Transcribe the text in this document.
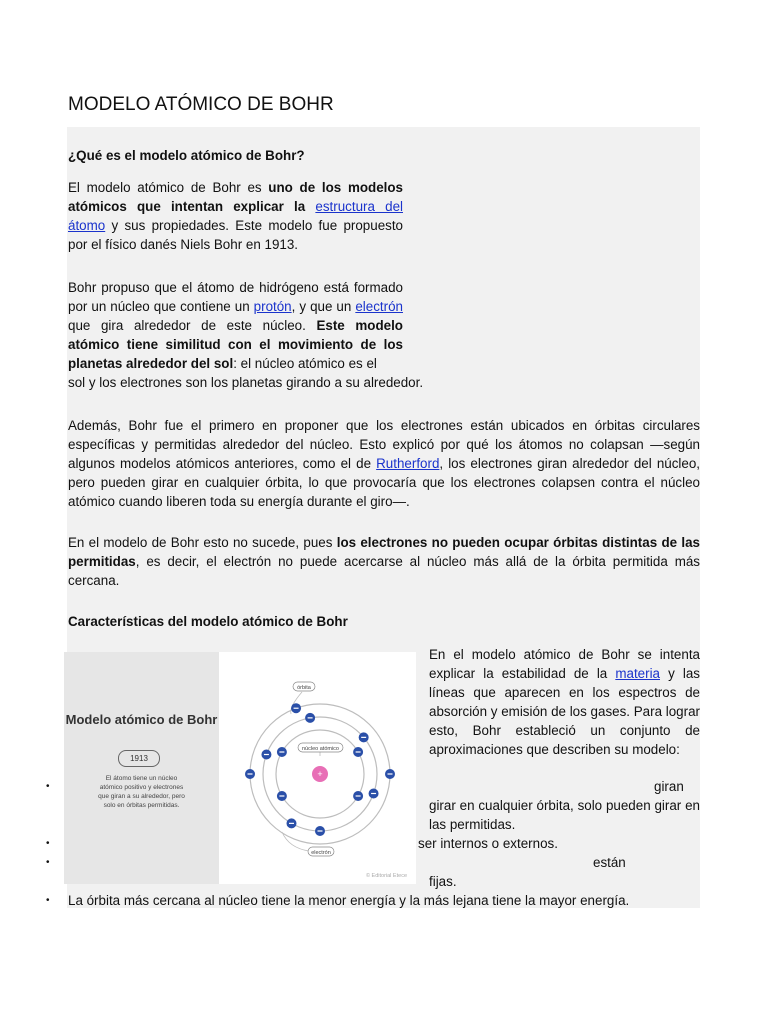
MODELO ATÓMICO DE BOHR
¿Qué es el modelo atómico de Bohr?

El modelo atómico de Bohr es uno de los modelos atómicos que intentan explicar la estructura del átomo y sus propiedades. Este modelo fue propuesto por el físico danés Niels Bohr en 1913.

Bohr propuso que el átomo de hidrógeno está formado por un núcleo que contiene un protón, y que un electrón que gira alrededor de este núcleo. Este modelo atómico tiene similitud con el movimiento de los planetas alrededor del sol: el núcleo atómico es el

sol y los electrones son los planetas girando a su alrededor.

Además, Bohr fue el primero en proponer que los electrones están ubicados en órbitas circulares específicas y permitidas alrededor del núcleo. Esto explicó por qué los átomos no colapsan —según algunos modelos atómicos anteriores, como el de Rutherford, los electrones giran alrededor del núcleo, pero pueden girar en cualquier órbita, lo que provocaría que los electrones colapsen contra el núcleo atómico cuando liberen toda su energía durante el giro—.

En el modelo de Bohr esto no sucede, pues los electrones no pueden ocupar órbitas distintas de las permitidas, es decir, el electrón no puede acercarse al núcleo más allá de la órbita permitida más cercana.

Características del modelo atómico de Bohr

En el modelo atómico de Bohr se intenta explicar la estabilidad de la materia y las líneas que aparecen en los espectros de absorción y emisión de los gases. Para lograr esto, Bohr estableció un conjunto de aproximaciones que describen su modelo:

•
•
•
•

giran

girar en cualquier órbita, solo pueden girar en las permitidas.

ser internos o externos.

están

fijas.

La órbita más cercana al núcleo tiene la menor energía y la más lejana tiene la mayor energía.

Modelo atómico de Bohr
1913
El átomo tiene un núcleo atómico positivo y electrones que giran a su alrededor, pero solo en órbitas permitidas.
órbita
núcleo atómico
electrón
+
© Editorial Etece
